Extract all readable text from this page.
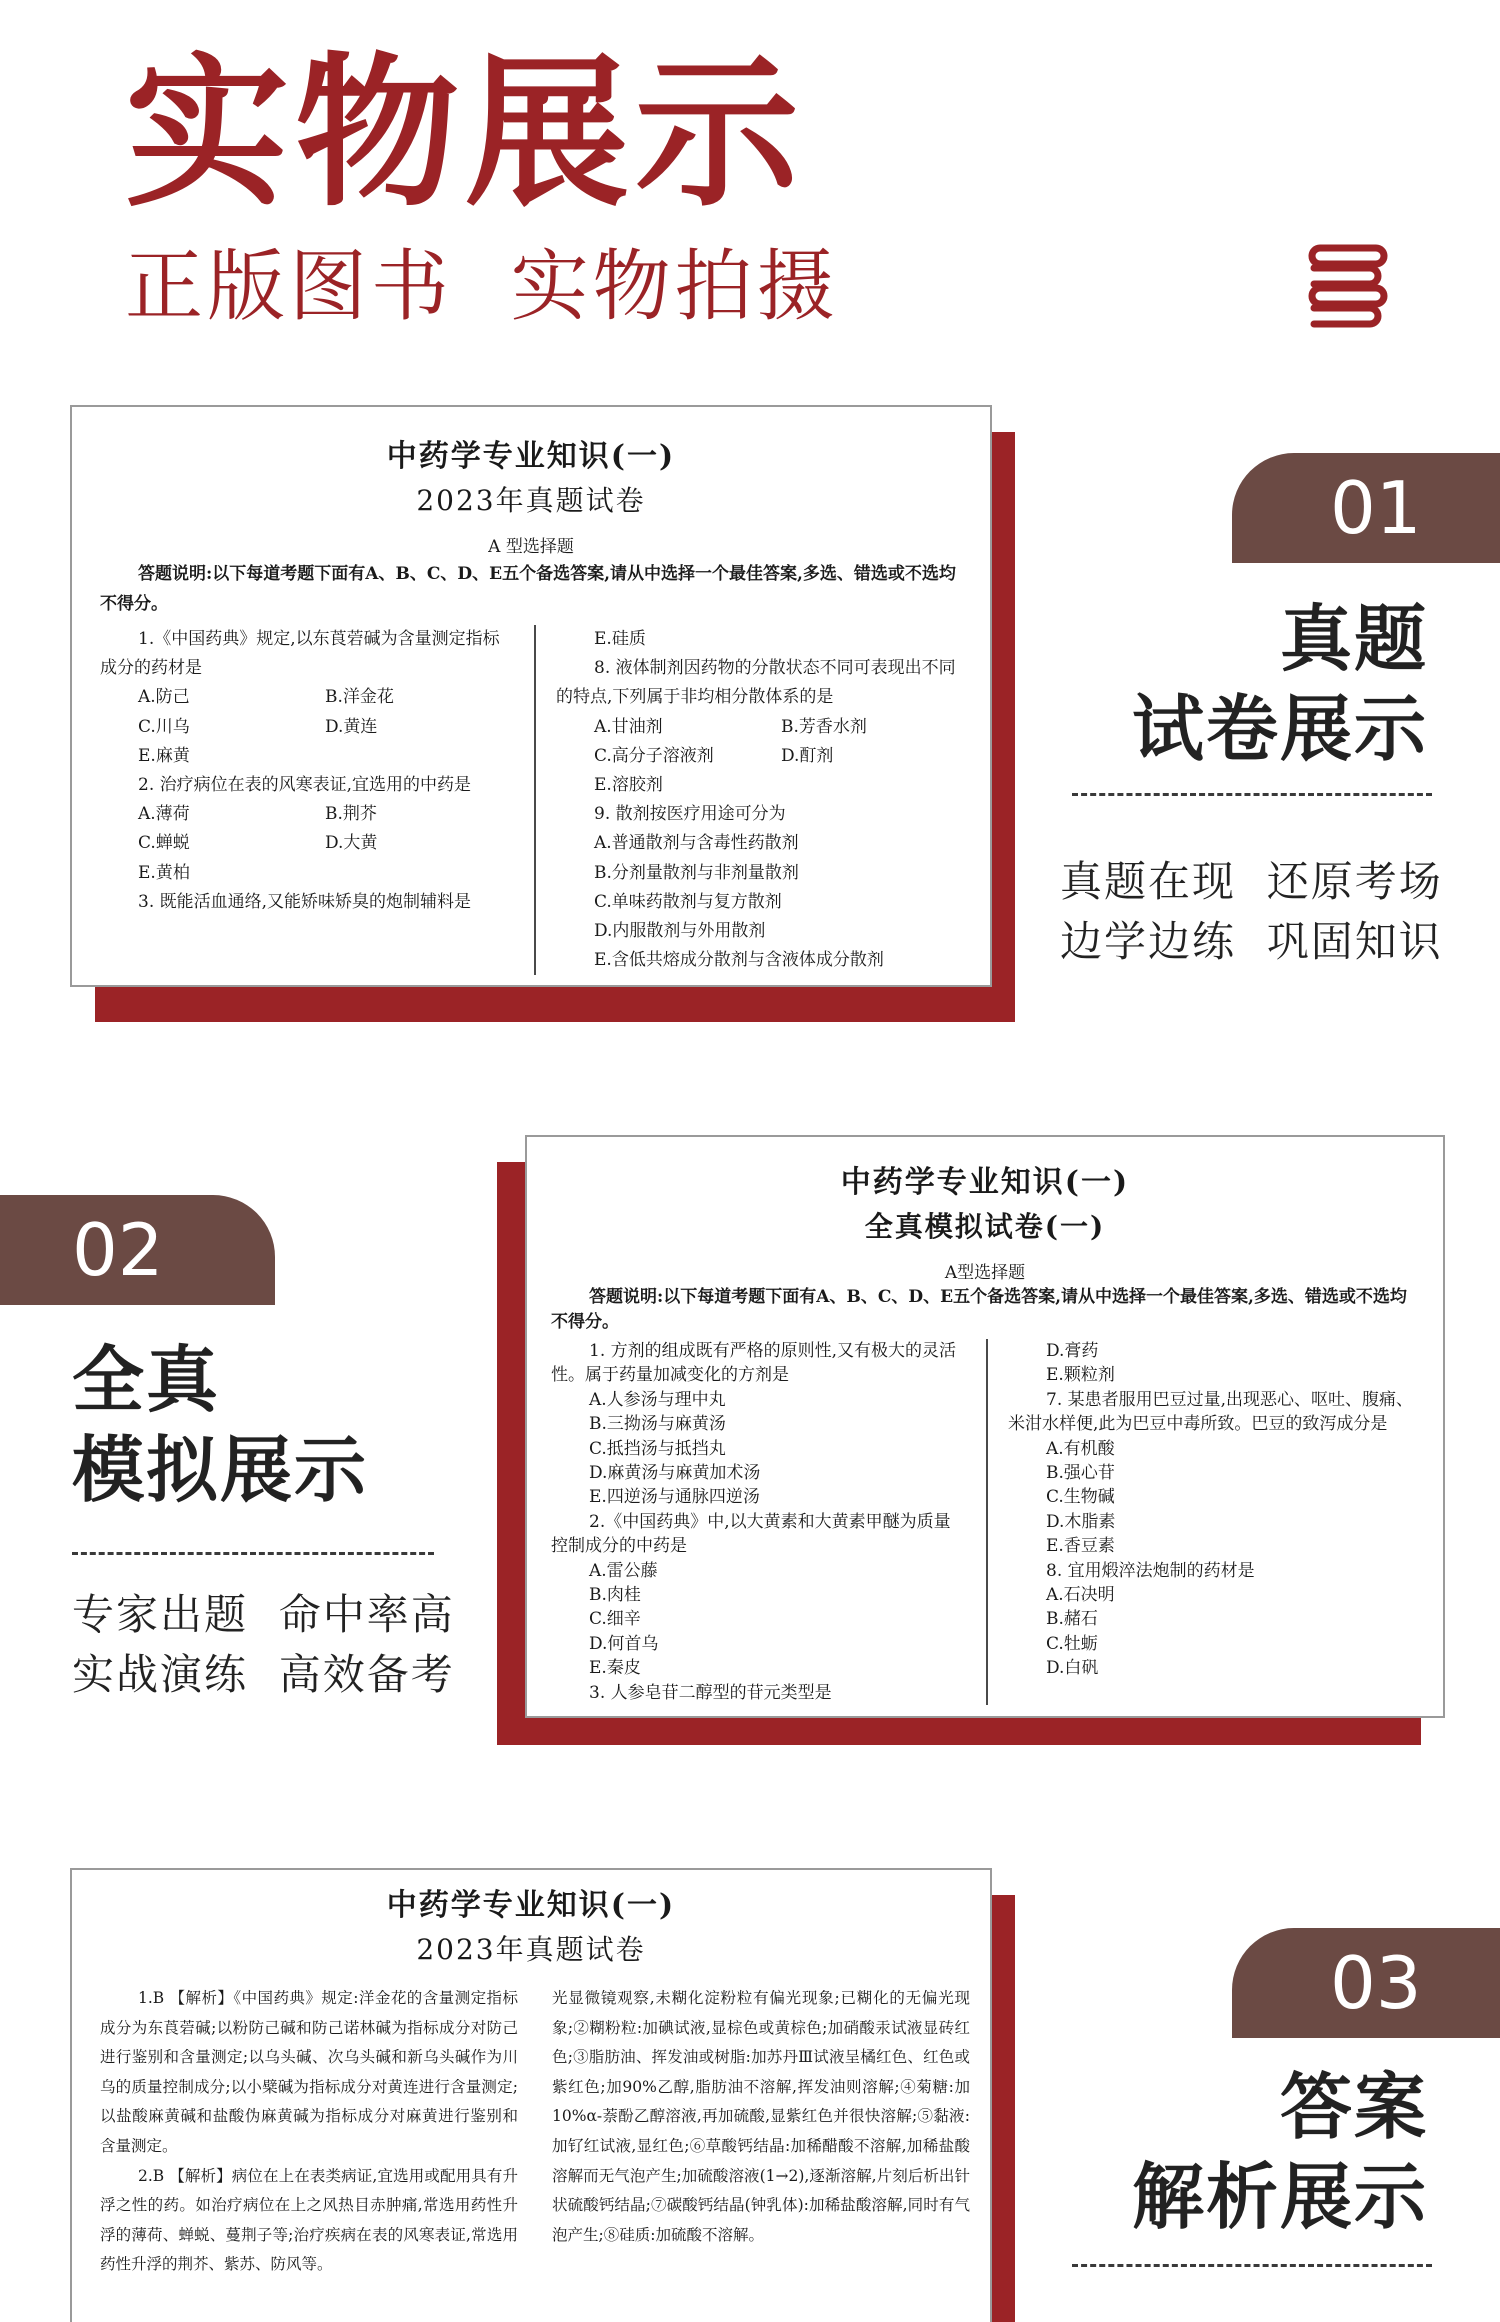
实物展示
正版图书  实物拍摄
中药学专业知识(一)
2023年真题试卷
A 型选择题
答题说明:以下每道考题下面有A、B、C、D、E五个备选答案,请从中选择一个最佳答案,多选、错选或不选均不得分。
1.《中国药典》规定,以东莨菪碱为含量测定指标成分的药材是
A.防己	B.洋金花
C.川乌	D.黄连
E.麻黄
2. 治疗病位在表的风寒表证,宜选用的中药是
A.薄荷	B.荆芥
C.蝉蜕	D.大黄
E.黄柏
3. 既能活血通络,又能矫味矫臭的炮制辅料是
E.硅质
8. 液体制剂因药物的分散状态不同可表现出不同的特点,下列属于非均相分散体系的是
A.甘油剂	B.芳香水剂
C.高分子溶液剂	D.酊剂
E.溶胶剂
9. 散剂按医疗用途可分为
A.普通散剂与含毒性药散剂
B.分剂量散剂与非剂量散剂
C.单味药散剂与复方散剂
D.内服散剂与外用散剂
E.含低共熔成分散剂与含液体成分散剂
01
真题
试卷展示
真题在现  还原考场
边学边练  巩固知识
中药学专业知识(一)
全真模拟试卷(一)
A型选择题
答题说明:以下每道考题下面有A、B、C、D、E五个备选答案,请从中选择一个最佳答案,多选、错选或不选均不得分。
1. 方剂的组成既有严格的原则性,又有极大的灵活性。属于药量加减变化的方剂是
A.人参汤与理中丸
B.三拗汤与麻黄汤
C.抵挡汤与抵挡丸
D.麻黄汤与麻黄加术汤
E.四逆汤与通脉四逆汤
2.《中国药典》中,以大黄素和大黄素甲醚为质量控制成分的中药是
A.雷公藤
B.肉桂
C.细辛
D.何首乌
E.秦皮
3. 人参皂苷二醇型的苷元类型是
D.膏药
E.颗粒剂
7. 某患者服用巴豆过量,出现恶心、呕吐、腹痛、米泔水样便,此为巴豆中毒所致。巴豆的致泻成分是
A.有机酸
B.强心苷
C.生物碱
D.木脂素
E.香豆素
8. 宜用煅淬法炮制的药材是
A.石决明
B.赭石
C.牡蛎
D.白矾
02
全真
模拟展示
专家出题  命中率高
实战演练  高效备考
中药学专业知识(一)
2023年真题试卷

1.B 【解析】《中国药典》规定:洋金花的含量测定指标成分为东莨菪碱;以粉防己碱和防己诺林碱为指标成分对防己进行鉴别和含量测定;以乌头碱、次乌头碱和新乌头碱作为川乌的质量控制成分;以小檗碱为指标成分对黄连进行含量测定;以盐酸麻黄碱和盐酸伪麻黄碱为指标成分对麻黄进行鉴别和含量测定。

2.B 【解析】病位在上在表类病证,宜选用或配用具有升浮之性的药。如治疗病位在上之风热目赤肿痛,常选用药性升浮的薄荷、蝉蜕、蔓荆子等;治疗疾病在表的风寒表证,常选用药性升浮的荆芥、紫苏、防风等。

光显微镜观察,未糊化淀粉粒有偏光现象;已糊化的无偏光现象;②糊粉粒:加碘试液,显棕色或黄棕色;加硝酸汞试液显砖红色;③脂肪油、挥发油或树脂:加苏丹Ⅲ试液呈橘红色、红色或紫红色;加90%乙醇,脂肪油不溶解,挥发油则溶解;④菊糖:加10%α-萘酚乙醇溶液,再加硫酸,显紫红色并很快溶解;⑤黏液:加钌红试液,显红色;⑥草酸钙结晶:加稀醋酸不溶解,加稀盐酸溶解而无气泡产生;加硫酸溶液(1→2),逐渐溶解,片刻后析出针状硫酸钙结晶;⑦碳酸钙结晶(钟乳体):加稀盐酸溶解,同时有气泡产生;⑧硅质:加硫酸不溶解。

03
答案
解析展示
